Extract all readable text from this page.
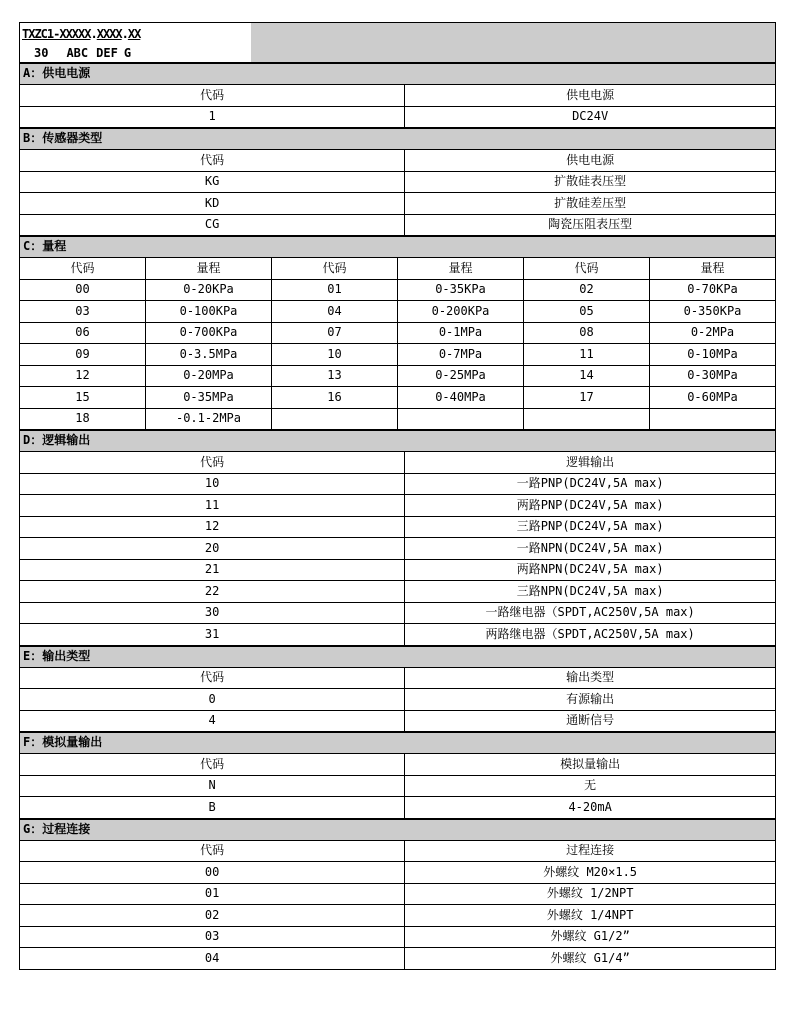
TXZC1-XXXXX.XXXX.XX
30 ABC DEF G
A：供电电源
代码	供电电源
1	DC24V
B：传感器类型
代码	供电电源
KG	扩散硅表压型
KD	扩散硅差压型
CG	陶瓷压阻表压型
C：量程
代码	量程	代码	量程	代码	量程
00	0-20KPa	01	0-35KPa	02	0-70KPa
03	0-100KPa	04	0-200KPa	05	0-350KPa
06	0-700KPa	07	0-1MPa	08	0-2MPa
09	0-3.5MPa	10	0-7MPa	11	0-10MPa
12	0-20MPa	13	0-25MPa	14	0-30MPa
15	0-35MPa	16	0-40MPa	17	0-60MPa
18	-0.1-2MPa				
D：逻辑输出
代码	逻辑输出
10	一路PNP(DC24V,5A max)
11	两路PNP(DC24V,5A max)
12	三路PNP(DC24V,5A max)
20	一路NPN(DC24V,5A max)
21	两路NPN(DC24V,5A max)
22	三路NPN(DC24V,5A max)
30	一路继电器（SPDT,AC250V,5A max)
31	两路继电器（SPDT,AC250V,5A max)
E：输出类型
代码	输出类型
0	有源输出
4	通断信号
F：模拟量输出
代码	模拟量输出
N	无
B	4-20mA
G：过程连接
代码	过程连接
00	外螺纹 M20×1.5
01	外螺纹 1/2NPT
02	外螺纹 1/4NPT
03	外螺纹 G1/2”
04	外螺纹 G1/4”
